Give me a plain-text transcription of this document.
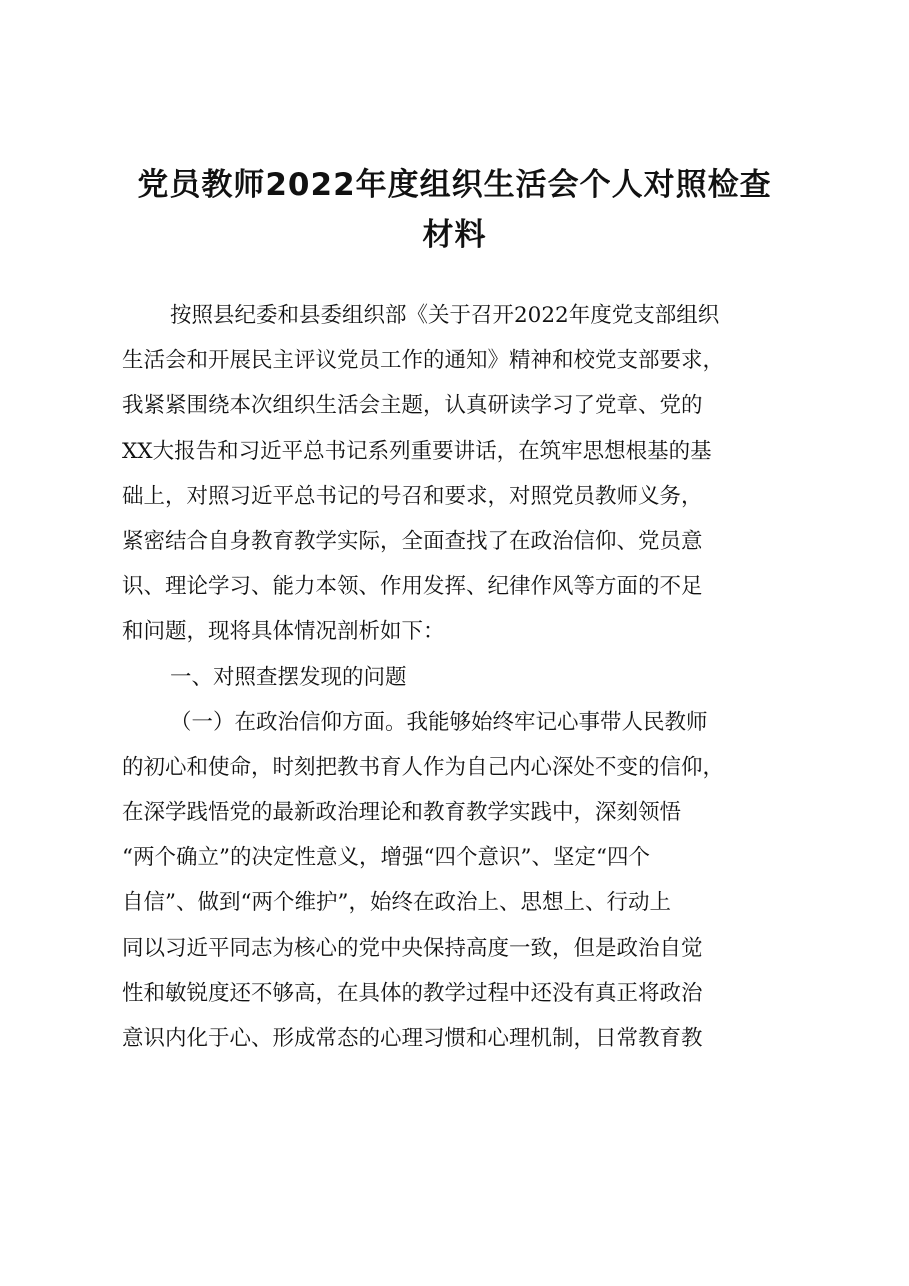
党员教师2022年度组织生活会个人对照检查
材料
按照县纪委和县委组织部《关于召开2022年度党支部组织
生活会和开展民主评议党员工作的通知》精神和校党支部要求，
我紧紧围绕本次组织生活会主题，认真研读学习了党章、党的
XX大报告和习近平总书记系列重要讲话，在筑牢思想根基的基
础上，对照习近平总书记的号召和要求，对照党员教师义务，
紧密结合自身教育教学实际，全面查找了在政治信仰、党员意
识、理论学习、能力本领、作用发挥、纪律作风等方面的不足
和问题，现将具体情况剖析如下：
一、对照查摆发现的问题
（一）在政治信仰方面。我能够始终牢记心事带人民教师
的初心和使命，时刻把教书育人作为自己内心深处不变的信仰，
在深学践悟党的最新政治理论和教育教学实践中，深刻领悟
“两个确立”的决定性意义，增强“四个意识”、坚定“四个
自信”、做到“两个维护”，始终在政治上、思想上、行动上
同以习近平同志为核心的党中央保持高度一致，但是政治自觉
性和敏锐度还不够高，在具体的教学过程中还没有真正将政治
意识内化于心、形成常态的心理习惯和心理机制，日常教育教
